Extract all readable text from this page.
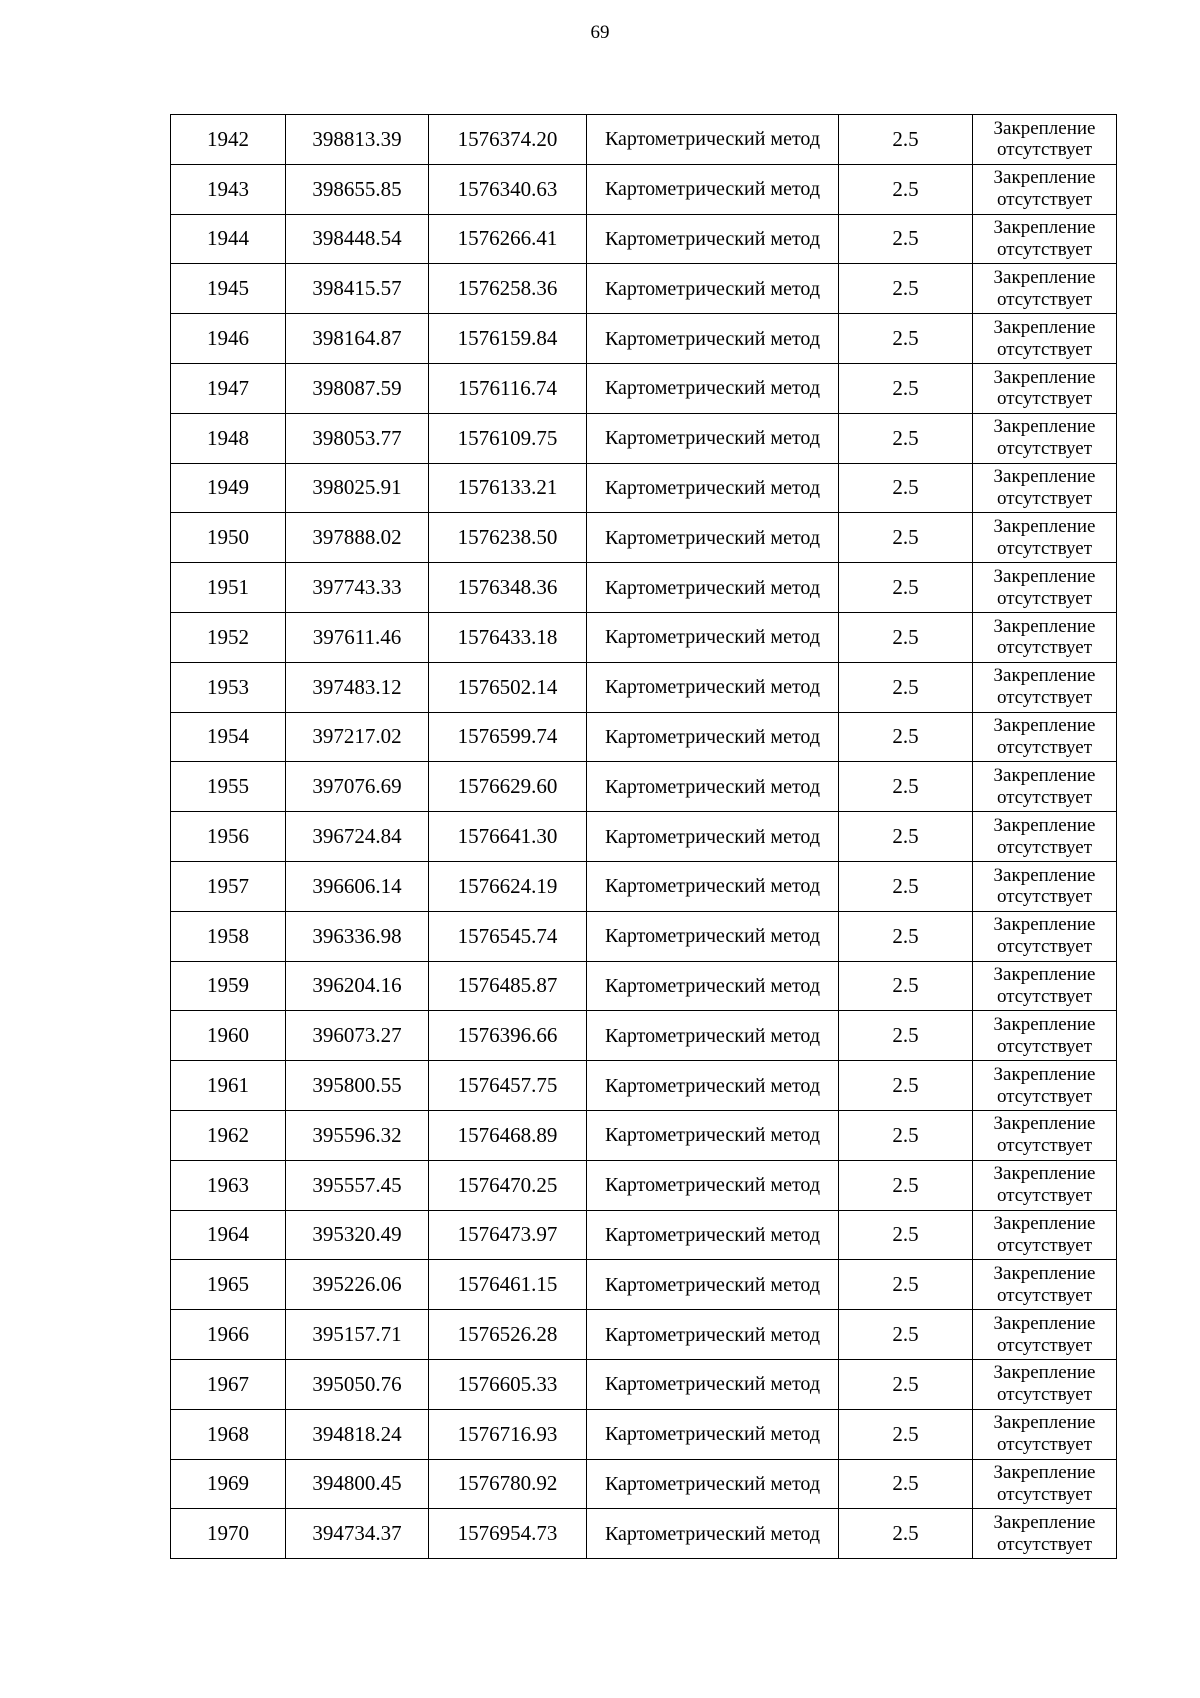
69
1942	398813.39	1576374.20	Картометрический метод	2.5	Закрепление отсутствует
1943	398655.85	1576340.63	Картометрический метод	2.5	Закрепление отсутствует
1944	398448.54	1576266.41	Картометрический метод	2.5	Закрепление отсутствует
1945	398415.57	1576258.36	Картометрический метод	2.5	Закрепление отсутствует
1946	398164.87	1576159.84	Картометрический метод	2.5	Закрепление отсутствует
1947	398087.59	1576116.74	Картометрический метод	2.5	Закрепление отсутствует
1948	398053.77	1576109.75	Картометрический метод	2.5	Закрепление отсутствует
1949	398025.91	1576133.21	Картометрический метод	2.5	Закрепление отсутствует
1950	397888.02	1576238.50	Картометрический метод	2.5	Закрепление отсутствует
1951	397743.33	1576348.36	Картометрический метод	2.5	Закрепление отсутствует
1952	397611.46	1576433.18	Картометрический метод	2.5	Закрепление отсутствует
1953	397483.12	1576502.14	Картометрический метод	2.5	Закрепление отсутствует
1954	397217.02	1576599.74	Картометрический метод	2.5	Закрепление отсутствует
1955	397076.69	1576629.60	Картометрический метод	2.5	Закрепление отсутствует
1956	396724.84	1576641.30	Картометрический метод	2.5	Закрепление отсутствует
1957	396606.14	1576624.19	Картометрический метод	2.5	Закрепление отсутствует
1958	396336.98	1576545.74	Картометрический метод	2.5	Закрепление отсутствует
1959	396204.16	1576485.87	Картометрический метод	2.5	Закрепление отсутствует
1960	396073.27	1576396.66	Картометрический метод	2.5	Закрепление отсутствует
1961	395800.55	1576457.75	Картометрический метод	2.5	Закрепление отсутствует
1962	395596.32	1576468.89	Картометрический метод	2.5	Закрепление отсутствует
1963	395557.45	1576470.25	Картометрический метод	2.5	Закрепление отсутствует
1964	395320.49	1576473.97	Картометрический метод	2.5	Закрепление отсутствует
1965	395226.06	1576461.15	Картометрический метод	2.5	Закрепление отсутствует
1966	395157.71	1576526.28	Картометрический метод	2.5	Закрепление отсутствует
1967	395050.76	1576605.33	Картометрический метод	2.5	Закрепление отсутствует
1968	394818.24	1576716.93	Картометрический метод	2.5	Закрепление отсутствует
1969	394800.45	1576780.92	Картометрический метод	2.5	Закрепление отсутствует
1970	394734.37	1576954.73	Картометрический метод	2.5	Закрепление отсутствует
